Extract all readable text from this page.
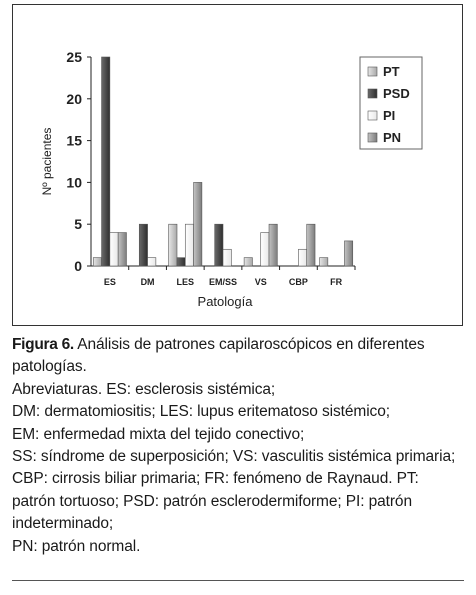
0
5
10
15
20
25
ES	DM LES EM/SS VS CBP FR
Patología
Nº pacientes
PT
PSD
PI
PN

Figura 6. Análisis de patrones capilaroscópicos en diferentes patologías.

Abreviaturas. ES: esclerosis sistémica;

DM: dermatomiositis; LES: lupus eritematoso sistémico;

EM: enfermedad mixta del tejido conectivo;

SS: síndrome de superposición; VS: vasculitis sistémica primaria; CBP: cirrosis biliar primaria; FR: fenómeno de Raynaud. PT: patrón tortuoso; PSD: patrón esclerodermiforme; PI: patrón indeterminado;

PN: patrón normal.
